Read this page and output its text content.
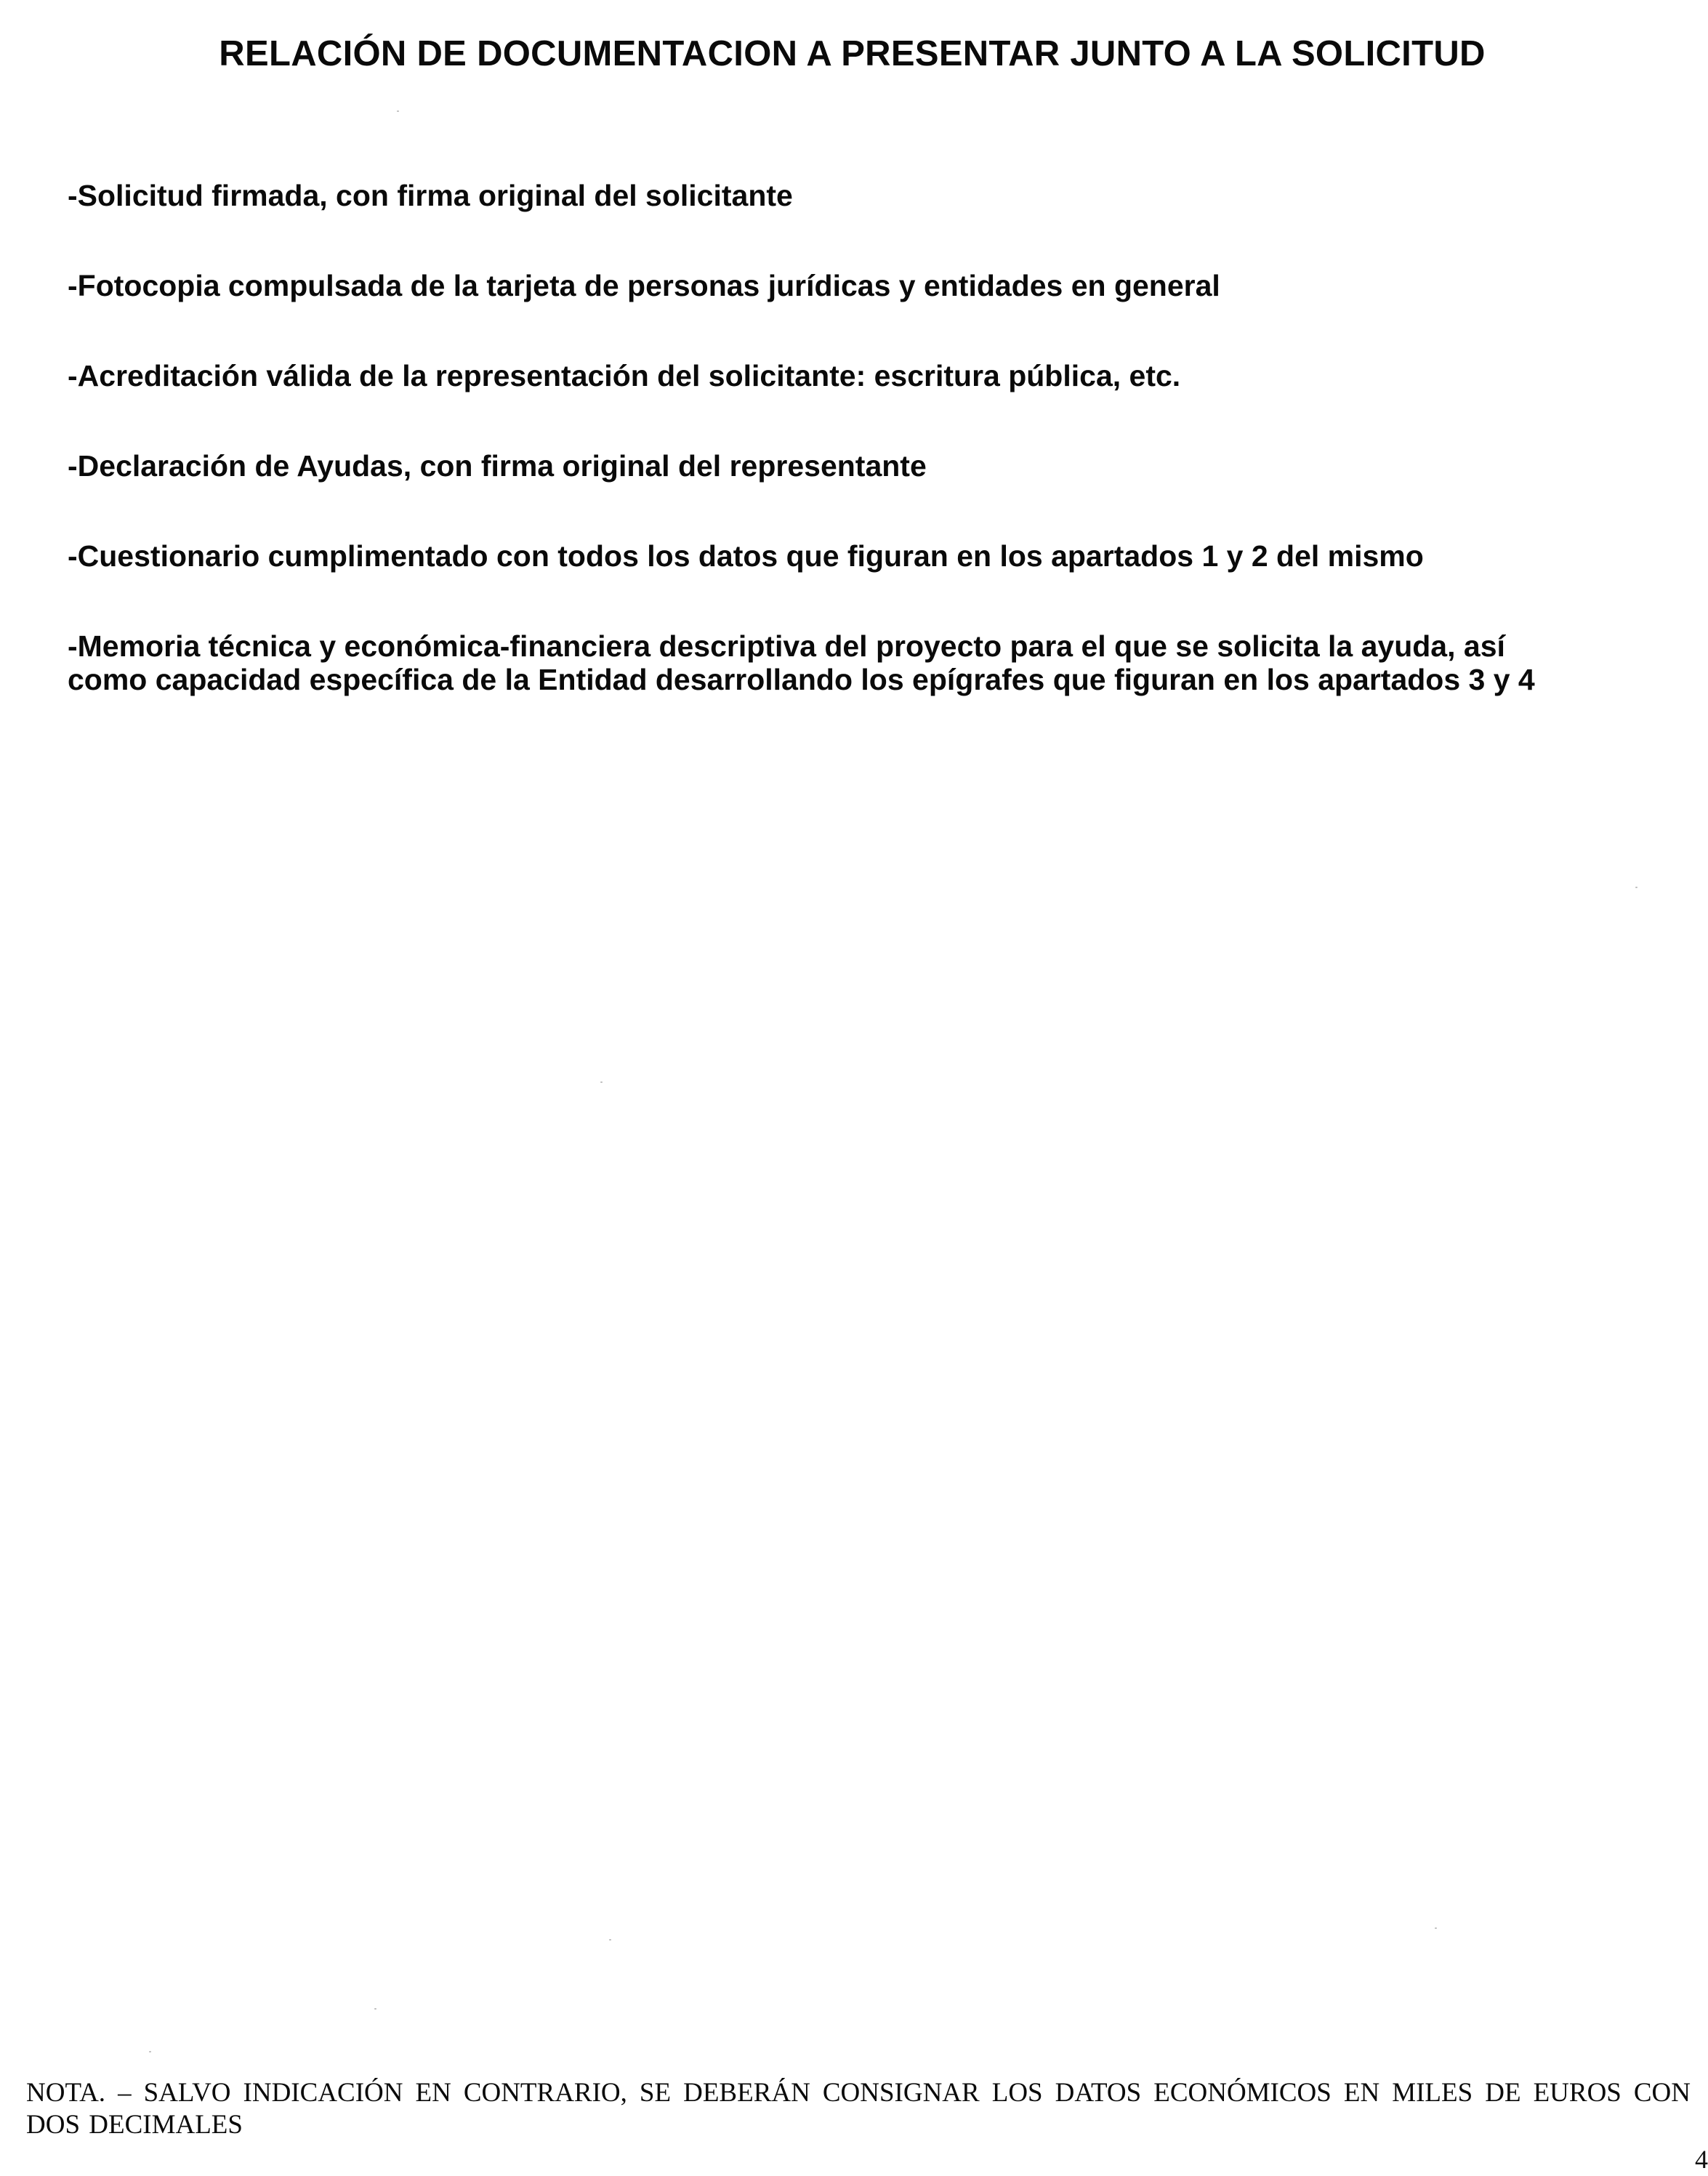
RELACIÓN DE DOCUMENTACION A PRESENTAR JUNTO A LA SOLICITUD
-Solicitud firmada, con firma original del solicitante
-Fotocopia compulsada de la tarjeta de personas jurídicas y entidades en general
-Acreditación válida de la representación del solicitante: escritura pública, etc.
-Declaración de Ayudas, con firma original del representante
-Cuestionario cumplimentado con todos los datos que figuran en los apartados 1 y 2 del mismo
-Memoria técnica y económica-financiera descriptiva del proyecto para el que se solicita la ayuda, así
como capacidad específica de la Entidad desarrollando los epígrafes que figuran en los apartados 3 y 4
NOTA. – SALVO INDICACIÓN EN CONTRARIO, SE DEBERÁN CONSIGNAR LOS DATOS ECONÓMICOS EN MILES DE EUROS CON DOS DECIMALES
4
